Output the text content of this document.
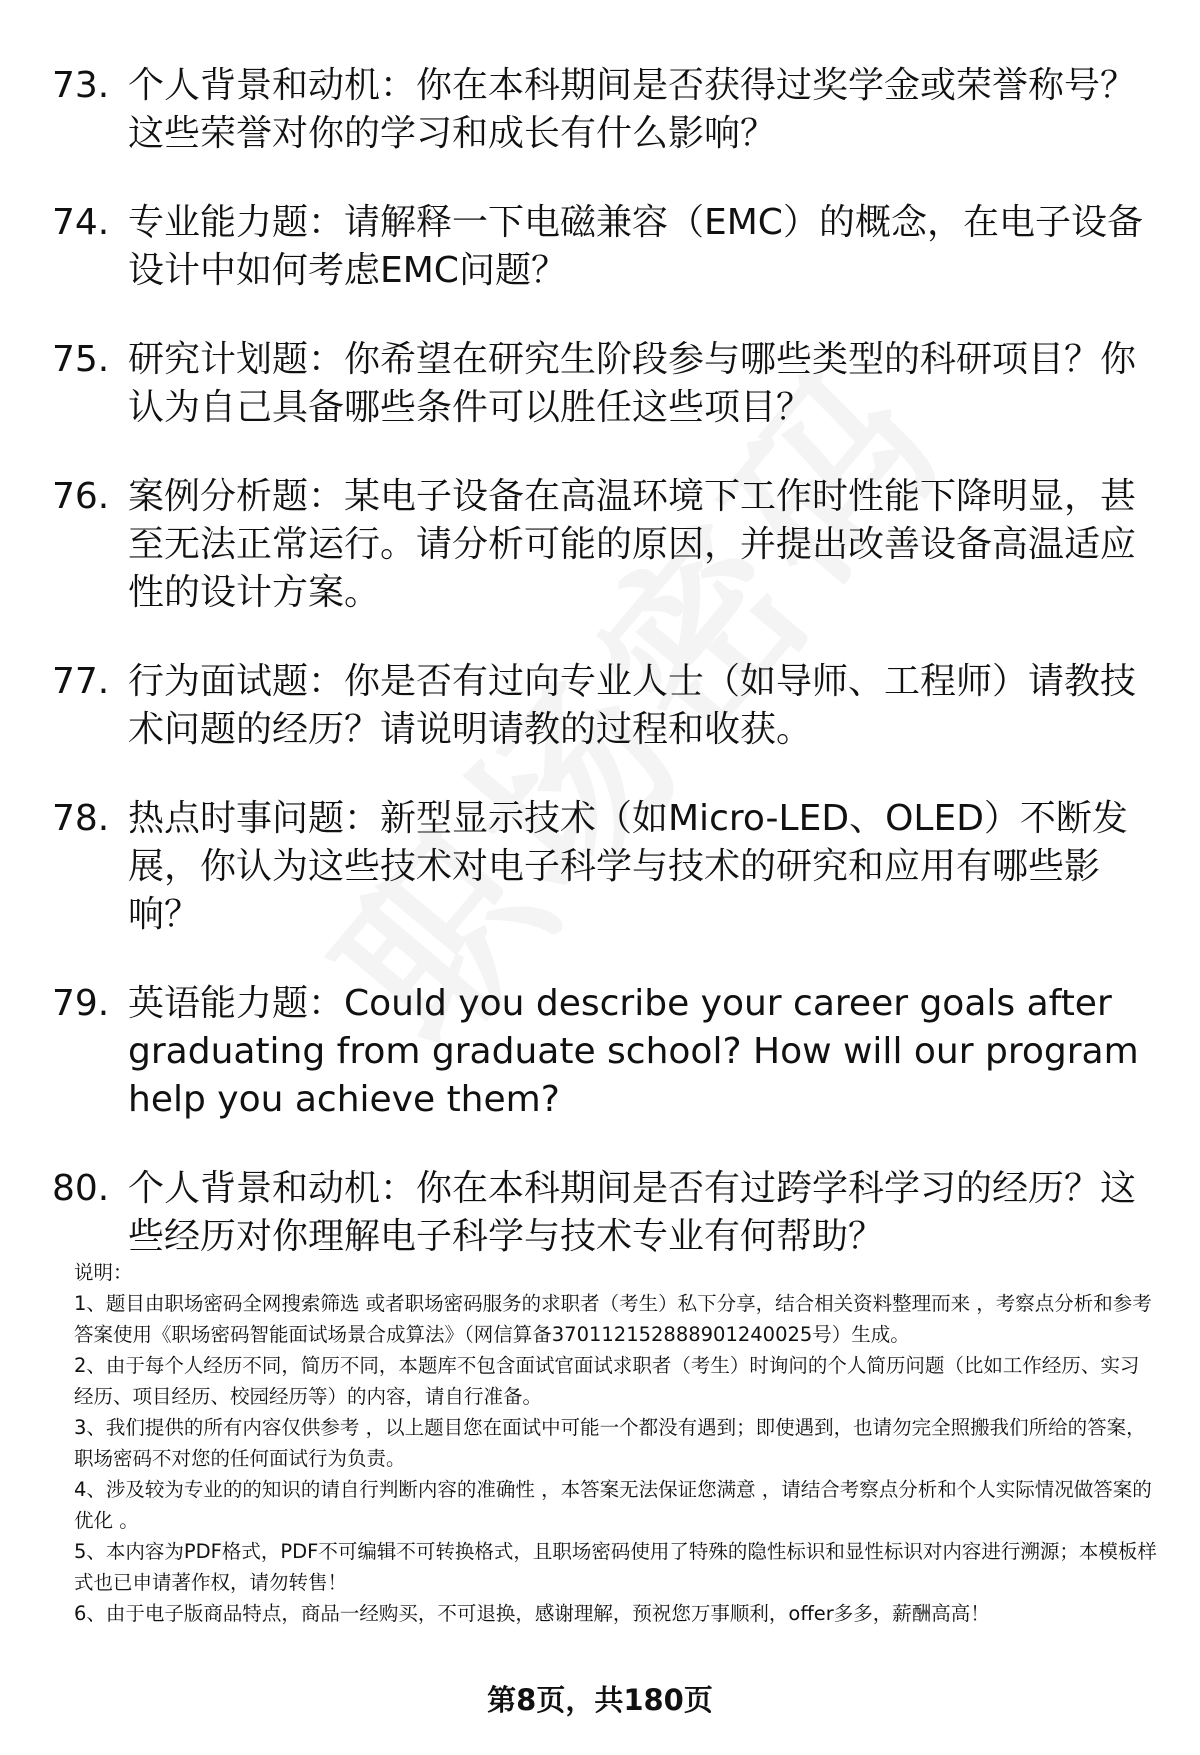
73. 个人背景和动机：你在本科期间是否获得过奖学金或荣誉称号？这些荣誉对你的学习和成长有什么影响？
74. 专业能力题：请解释一下电磁兼容（EMC）的概念，在电子设备设计中如何考虑EMC问题？
75. 研究计划题：你希望在研究生阶段参与哪些类型的科研项目？你认为自己具备哪些条件可以胜任这些项目？
76. 案例分析题：某电子设备在高温环境下工作时性能下降明显，甚至无法正常运行。请分析可能的原因，并提出改善设备高温适应性的设计方案。
77. 行为面试题：你是否有过向专业人士（如导师、工程师）请教技术问题的经历？请说明请教的过程和收获。
78. 热点时事问题：新型显示技术（如Micro-LED、OLED）不断发展，你认为这些技术对电子科学与技术的研究和应用有哪些影响？
79. 英语能力题：Could you describe your career goals after graduating from graduate school? How will our program help you achieve them?
80. 个人背景和动机：你在本科期间是否有过跨学科学习的经历？这些经历对你理解电子科学与技术专业有何帮助？

说明：

1、题目由职场密码全网搜索筛选 或者职场密码服务的求职者（考生）私下分享，结合相关资料整理而来 ，考察点分析和参考答案使用《职场密码智能面试场景合成算法》（网信算备370112152888901240025号）生成。

2、由于每个人经历不同，简历不同，本题库不包含面试官面试求职者（考生）时询问的个人简历问题（比如工作经历、实习经历、项目经历、校园经历等）的内容，请自行准备。

3、我们提供的所有内容仅供参考 ，以上题目您在面试中可能一个都没有遇到；即使遇到，也请勿完全照搬我们所给的答案，职场密码不对您的任何面试行为负责。

4、涉及较为专业的的知识的请自行判断内容的准确性 ，本答案无法保证您满意 ，请结合考察点分析和个人实际情况做答案的优化 。

5、本内容为PDF格式，PDF不可编辑不可转换格式，且职场密码使用了特殊的隐性标识和显性标识对内容进行溯源；本模板样式也已申请著作权，请勿转售！

6、由于电子版商品特点，商品一经购买，不可退换，感谢理解，预祝您万事顺利，offer多多，薪酬高高！

第8页，共180页
